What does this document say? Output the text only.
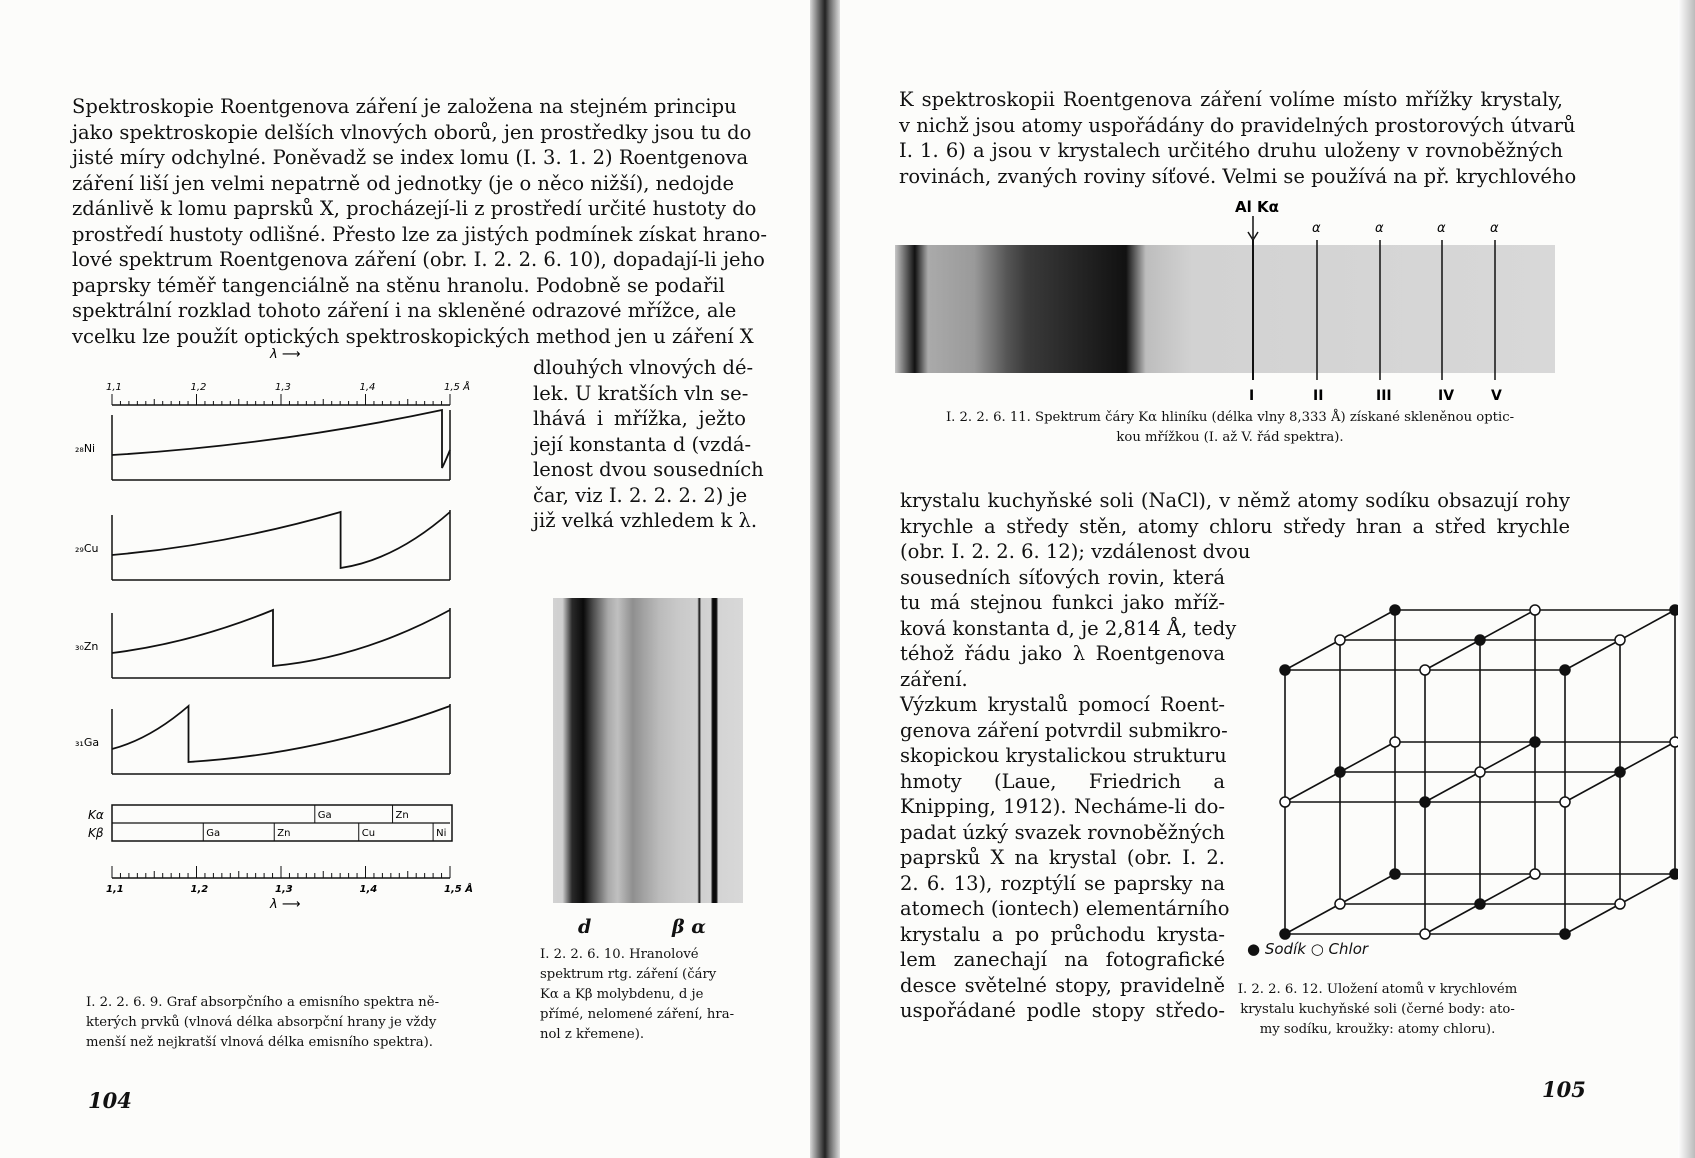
Spektroskopie Roentgenova záření je založena na stejném principu
jako spektroskopie delších vlnových oborů, jen prostředky jsou tu do
jisté míry odchylné. Poněvadž se index lomu (I. 3. 1. 2) Roentgenova
záření liší jen velmi nepatrně od jednotky (je o něco nižší), nedojde
zdánlivě k lomu paprsků X, procházejí-li z prostředí určité hustoty do
prostředí hustoty odlišné. Přesto lze za jistých podmínek získat hrano-
lové spektrum Roentgenova záření (obr. I. 2. 2. 6. 10), dopadají-li jeho
paprsky téměř tangenciálně na stěnu hranolu. Podobně se podařil
spektrální rozklad tohoto záření i na skleněné odrazové mřížce, ale
vcelku lze použít optických spektroskopických method jen u záření X
dlouhých vlnových dé-
lek. U kratších vln se-
lhává i mřížka, ježto
její konstanta d (vzdá-
lenost dvou sousedních
čar, viz I. 2. 2. 2. 2) je
již velká vzhledem k λ.
1,1	1,2	1,3	1,4	1,5 Å
λ ⟶
₂₈Ni
₂₉Cu
₃₀Zn
₃₁Ga
Kα
Kβ
Ga	Zn
Ga	Zn	Cu	Ni
1,1	1,2	1,3	1,4	1,5 Å
λ ⟶
d	β α
I. 2. 2. 6. 9. Graf absorpčního a emisního spektra ně-
kterých prvků (vlnová délka absorpční hrany je vždy
menší než nejkratší vlnová délka emisního spektra).
I. 2. 2. 6. 10. Hranolové
spektrum rtg. záření (čáry
Kα a Kβ molybdenu, d je
přímé, nelomené záření, hra-
nol z křemene).
104
K spektroskopii Roentgenova záření volíme místo mřížky krystaly,
v nichž jsou atomy uspořádány do pravidelných prostorových útvarů
I. 1. 6) a jsou v krystalech určitého druhu uloženy v rovnoběžných
rovinách, zvaných roviny síťové. Velmi se používá na př. krychlového
I	II	III	IV	V
Al Kα
α	α	α	α
I. 2. 2. 6. 11. Spektrum čáry Kα hliníku (délka vlny 8,333 Å) získané skleněnou optic-
kou mřížkou (I. až V. řád spektra).
krystalu kuchyňské soli (NaCl), v němž atomy sodíku obsazují rohy
krychle a středy stěn, atomy chloru středy hran a střed krychle
(obr. I. 2. 2. 6. 12); vzdálenost dvou
sousedních síťových rovin, která
tu má stejnou funkci jako mříž-
ková konstanta d, je 2,814 Å, tedy
téhož řádu jako λ Roentgenova
záření.
Výzkum krystalů pomocí Roent-
genova záření potvrdil submikro-
skopickou krystalickou strukturu
hmoty (Laue, Friedrich a
Knipping, 1912). Necháme-li do-
padat úzký svazek rovnoběžných
paprsků X na krystal (obr. I. 2.
2. 6. 13), rozptýlí se paprsky na
atomech (iontech) elementárního
krystalu a po průchodu krysta-
lem zanechají na fotografické
desce světelné stopy, pravidelně
uspořádané podle stopy středo-
● Sodík ○ Chlor
I. 2. 2. 6. 12. Uložení atomů v krychlovém
krystalu kuchyňské soli (černé body: ato-
my sodíku, kroužky: atomy chloru).
105
